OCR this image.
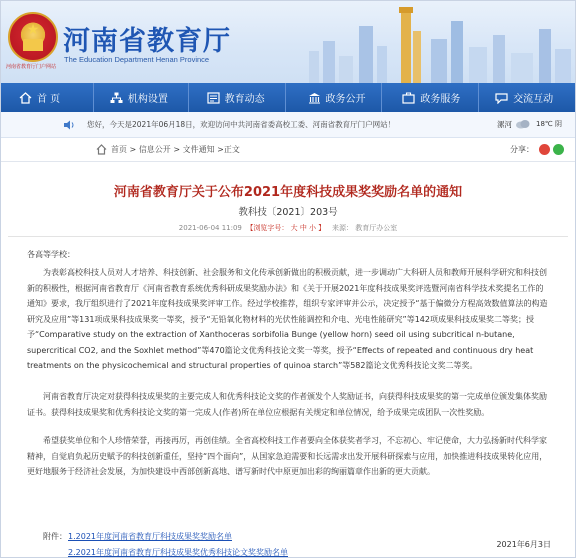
★
河南省教育厅门户网站
河南省教育厅
The Education Department Henan Province
首 页	机构设置	教育动态	政务公开	政务服务	交流互动
您好，今天是2021年06月18日，欢迎访问中共河南省委高校工委、河南省教育厅门户网站！	漯河	18℃ 阴
首页 > 信息公开 > 文件通知 >正文	分享：
河南省教育厅关于公布2021年度科技成果奖奖励名单的通知
教科技〔2021〕203号
2021-06-04 11:09 【浏览字号： 大 中 小 】 来源： 教育厅办公室
各高等学校：
为表彰高校科技人员对人才培养、科技创新、社会服务和文化传承创新做出的积极贡献，进一步调动广大科研人员和教师开展科学研究和科技创新的积极性，根据河南省教育厅《河南省教育系统优秀科研成果奖励办法》和《关于开展2021年度科技成果奖评选暨河南省科学技术奖提名工作的通知》要求，我厅组织进行了2021年度科技成果奖评审工作。经过学校推荐，组织专家评审并公示，决定授予“基于偏微分方程高效数值算法的构造研究及应用”等131项成果科技成果奖一等奖，授予“无铅氧化物材料的光伏性能调控和介电、光电性能研究”等142项成果科技成果奖二等奖；授予“Comparative study on the extraction of Xanthoceras sorbifolia Bunge (yellow horn) seed oil using subcritical n-butane, supercritical CO2, and the Soxhlet method”等470篇论文优秀科技论文奖一等奖，授予“Effects of repeated and continuous dry heat treatments on the physicochemical and structural properties of quinoa starch”等582篇论文优秀科技论文奖二等奖。
河南省教育厅决定对获得科技成果奖的主要完成人和优秀科技论文奖的作者颁发个人奖励证书，向获得科技成果奖的第一完成单位颁发集体奖励证书。获得科技成果奖和优秀科技论文奖的第一完成人(作者)所在单位应根据有关规定和单位情况，给予成果完成团队一次性奖励。
希望获奖单位和个人珍惜荣誉，再接再厉，再创佳绩。全省高校科技工作者要向全体获奖者学习，不忘初心、牢记使命，大力弘扬新时代科学家精神，自觉肩负起历史赋予的科技创新重任，坚持“四个面向”，从国家急迫需要和长远需求出发开展科研探索与应用，加快推进科技成果转化应用，更好地服务于经济社会发展，为加快建设中西部创新高地、谱写新时代中原更加出彩的绚丽篇章作出新的更大贡献。
附件： 1.2021年度河南省教育厅科技成果奖奖励名单
2.2021年度河南省教育厅科技成果奖优秀科技论文奖奖励名单
2021年6月3日
